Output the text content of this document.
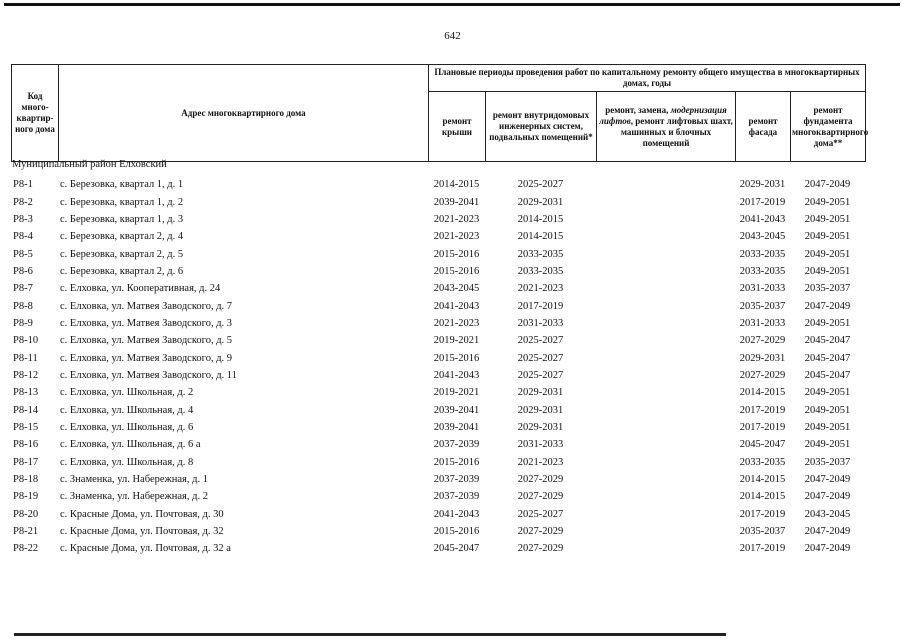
642
Код много-квартир-ного дома	Адрес многоквартирного дома	Плановые периоды проведения работ по капитальному ремонту общего имущества в многоквартирных домах, годы				
		ремонт крыши	ремонт внутридомовых инженерных систем, подвальных помещений*	ремонт, замена, модернизация лифтов, ремонт лифтовых шахт, машинных и блочных помещений	ремонт фасада	ремонт фундамента многоквартирного дома**
Муниципальный район Елховский
Р8-1	с. Березовка, квартал 1, д. 1	2014-2015	2025-2027		2029-2031	2047-2049
Р8-2	с. Березовка, квартал 1, д. 2	2039-2041	2029-2031		2017-2019	2049-2051
Р8-3	с. Березовка, квартал 1, д. 3	2021-2023	2014-2015		2041-2043	2049-2051
Р8-4	с. Березовка, квартал 2, д. 4	2021-2023	2014-2015		2043-2045	2049-2051
Р8-5	с. Березовка, квартал 2, д. 5	2015-2016	2033-2035		2033-2035	2049-2051
Р8-6	с. Березовка, квартал 2, д. 6	2015-2016	2033-2035		2033-2035	2049-2051
Р8-7	с. Елховка, ул. Кооперативная, д. 24	2043-2045	2021-2023		2031-2033	2035-2037
Р8-8	с. Елховка, ул. Матвея Заводского, д. 7	2041-2043	2017-2019		2035-2037	2047-2049
Р8-9	с. Елховка, ул. Матвея Заводского, д. 3	2021-2023	2031-2033		2031-2033	2049-2051
Р8-10	с. Елховка, ул. Матвея Заводского, д. 5	2019-2021	2025-2027		2027-2029	2045-2047
Р8-11	с. Елховка, ул. Матвея Заводского, д. 9	2015-2016	2025-2027		2029-2031	2045-2047
Р8-12	с. Елховка, ул. Матвея Заводского, д. 11	2041-2043	2025-2027		2027-2029	2045-2047
Р8-13	с. Елховка, ул. Школьная, д. 2	2019-2021	2029-2031		2014-2015	2049-2051
Р8-14	с. Елховка, ул. Школьная, д. 4	2039-2041	2029-2031		2017-2019	2049-2051
Р8-15	с. Елховка, ул. Школьная, д. 6	2039-2041	2029-2031		2017-2019	2049-2051
Р8-16	с. Елховка, ул. Школьная, д. 6 а	2037-2039	2031-2033		2045-2047	2049-2051
Р8-17	с. Елховка, ул. Школьная, д. 8	2015-2016	2021-2023		2033-2035	2035-2037
Р8-18	с. Знаменка, ул. Набережная, д. 1	2037-2039	2027-2029		2014-2015	2047-2049
Р8-19	с. Знаменка, ул. Набережная, д. 2	2037-2039	2027-2029		2014-2015	2047-2049
Р8-20	с. Красные Дома, ул. Почтовая, д. 30	2041-2043	2025-2027		2017-2019	2043-2045
Р8-21	с. Красные Дома, ул. Почтовая, д. 32	2015-2016	2027-2029		2035-2037	2047-2049
Р8-22	с. Красные Дома, ул. Почтовая, д. 32 а	2045-2047	2027-2029		2017-2019	2047-2049
